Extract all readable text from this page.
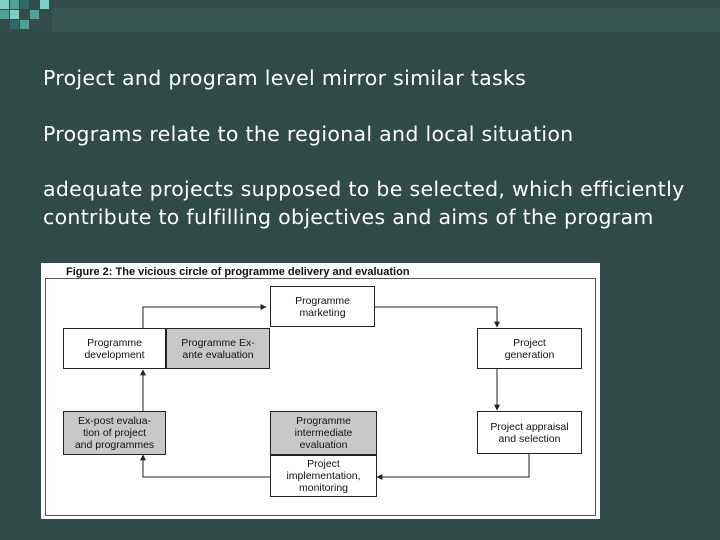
Project and program level mirror similar tasks
Programs relate to the regional and local situation
adequate projects supposed to be selected, which efficiently contribute to fulfilling objectives and aims of the program
Figure 2: The vicious circle of programme delivery and evaluation
Programme
marketing
Programme
development
Programme Ex-
ante evaluation
Project
generation
Ex-post evalua-
tion of project
and programmes
Programme
intermediate
evaluation
Project appraisal
and selection
Project
implementation,
monitoring
